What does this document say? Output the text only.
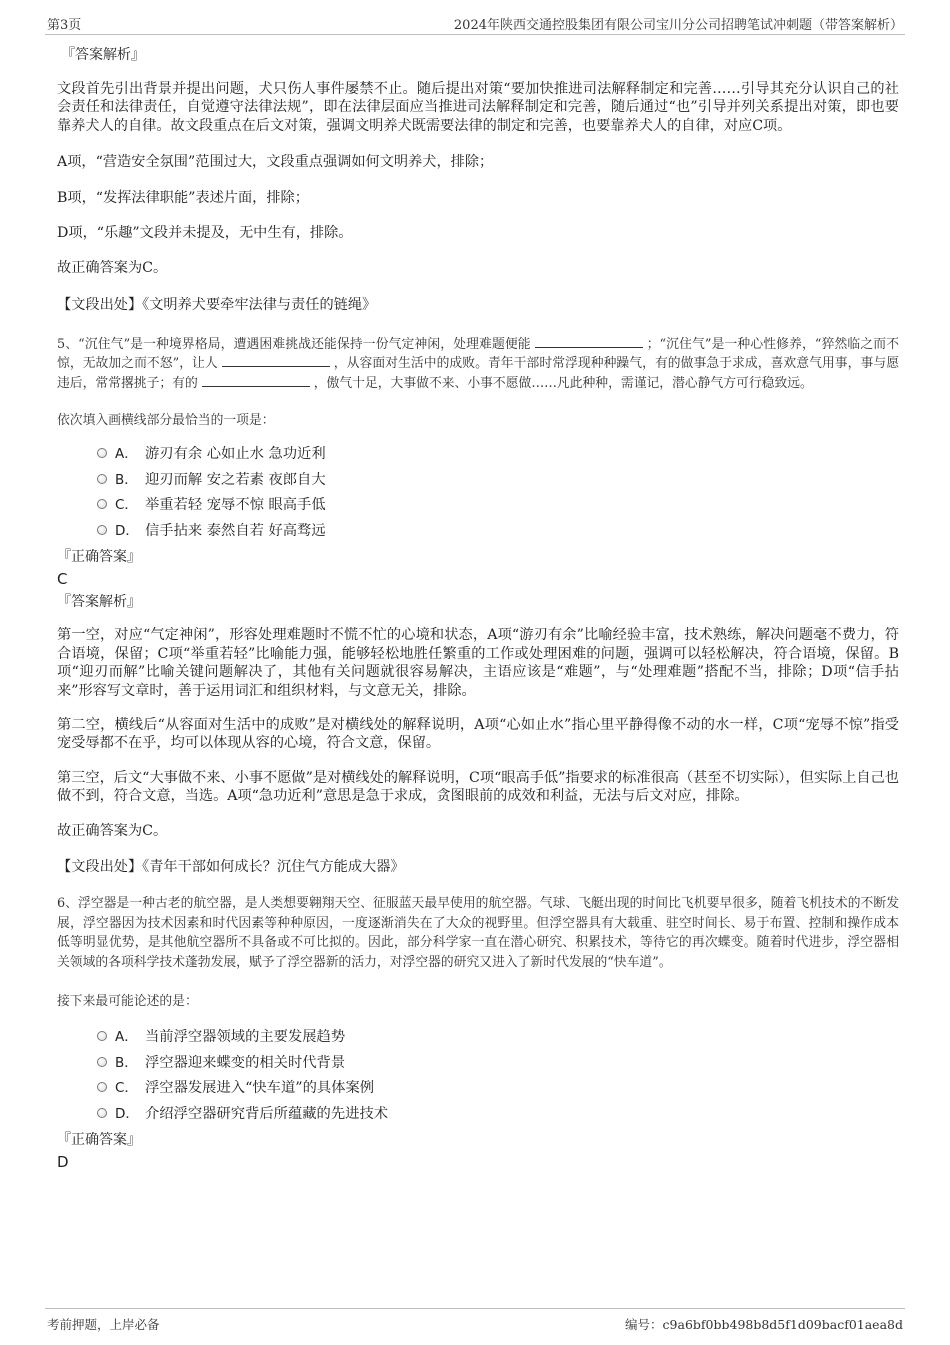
第3页	2024年陕西交通控股集团有限公司宝川分公司招聘笔试冲刺题（带答案解析）
『答案解析』

文段首先引出背景并提出问题，犬只伤人事件屡禁不止。随后提出对策“要加快推进司法解释制定和完善……引导其充分认识自己的社会责任和法律责任，自觉遵守法律法规”，即在法律层面应当推进司法解释制定和完善，随后通过“也”引导并列关系提出对策，即也要靠养犬人的自律。故文段重点在后文对策，强调文明养犬既需要法律的制定和完善，也要靠养犬人的自律，对应C项。

A项，“营造安全氛围”范围过大，文段重点强调如何文明养犬，排除；

B项，“发挥法律职能”表述片面，排除；

D项，“乐趣”文段并未提及，无中生有，排除。

故正确答案为C。

【文段出处】《文明养犬要牵牢法律与责任的链绳》

5、“沉住气”是一种境界格局，遭遇困难挑战还能保持一份气定神闲，处理难题便能	；“沉住气”是一种心性修养，“猝然临之而不惊，无故加之而不怒”，让人	，从容面对生活中的成败。青年干部时常浮现种种躁气，有的做事急于求成，喜欢意气用事，事与愿违后，常常撂挑子；有的	，傲气十足，大事做不来、小事不愿做……凡此种种，需谨记，潜心静气方可行稳致远。

依次填入画横线部分最恰当的一项是：

A． 游刃有余 心如止水 急功近利
B． 迎刃而解 安之若素 夜郎自大
C． 举重若轻 宠辱不惊 眼高手低
D． 信手拈来 泰然自若 好高骛远
『正确答案』
C
『答案解析』

第一空，对应“气定神闲”，形容处理难题时不慌不忙的心境和状态，A项“游刃有余”比喻经验丰富，技术熟练，解决问题毫不费力，符合语境，保留；C项“举重若轻”比喻能力强，能够轻松地胜任繁重的工作或处理困难的问题，强调可以轻松解决，符合语境，保留。B项“迎刃而解”比喻关键问题解决了，其他有关问题就很容易解决，主语应该是“难题”，与“处理难题”搭配不当，排除；D项“信手拈来”形容写文章时，善于运用词汇和组织材料，与文意无关，排除。

第二空，横线后“从容面对生活中的成败”是对横线处的解释说明，A项“心如止水”指心里平静得像不动的水一样，C项“宠辱不惊”指受宠受辱都不在乎，均可以体现从容的心境，符合文意，保留。

第三空，后文“大事做不来、小事不愿做”是对横线处的解释说明，C项“眼高手低”指要求的标准很高（甚至不切实际），但实际上自己也做不到，符合文意，当选。A项“急功近利”意思是急于求成，贪图眼前的成效和利益，无法与后文对应，排除。

故正确答案为C。

【文段出处】《青年干部如何成长？沉住气方能成大器》

6、浮空器是一种古老的航空器，是人类想要翱翔天空、征服蓝天最早使用的航空器。气球、飞艇出现的时间比飞机要早很多，随着飞机技术的不断发展，浮空器因为技术因素和时代因素等种种原因，一度逐渐消失在了大众的视野里。但浮空器具有大载重、驻空时间长、易于布置、控制和操作成本低等明显优势，是其他航空器所不具备或不可比拟的。因此，部分科学家一直在潜心研究、积累技术，等待它的再次蝶变。随着时代进步，浮空器相关领域的各项科学技术蓬勃发展，赋予了浮空器新的活力，对浮空器的研究又进入了新时代发展的“快车道”。

接下来最可能论述的是：

A． 当前浮空器领域的主要发展趋势
B． 浮空器迎来蝶变的相关时代背景
C． 浮空器发展进入“快车道”的具体案例
D． 介绍浮空器研究背后所蕴藏的先进技术
『正确答案』
D
考前押题，上岸必备	编号：c9a6bf0bb498b8d5f1d09bacf01aea8d
